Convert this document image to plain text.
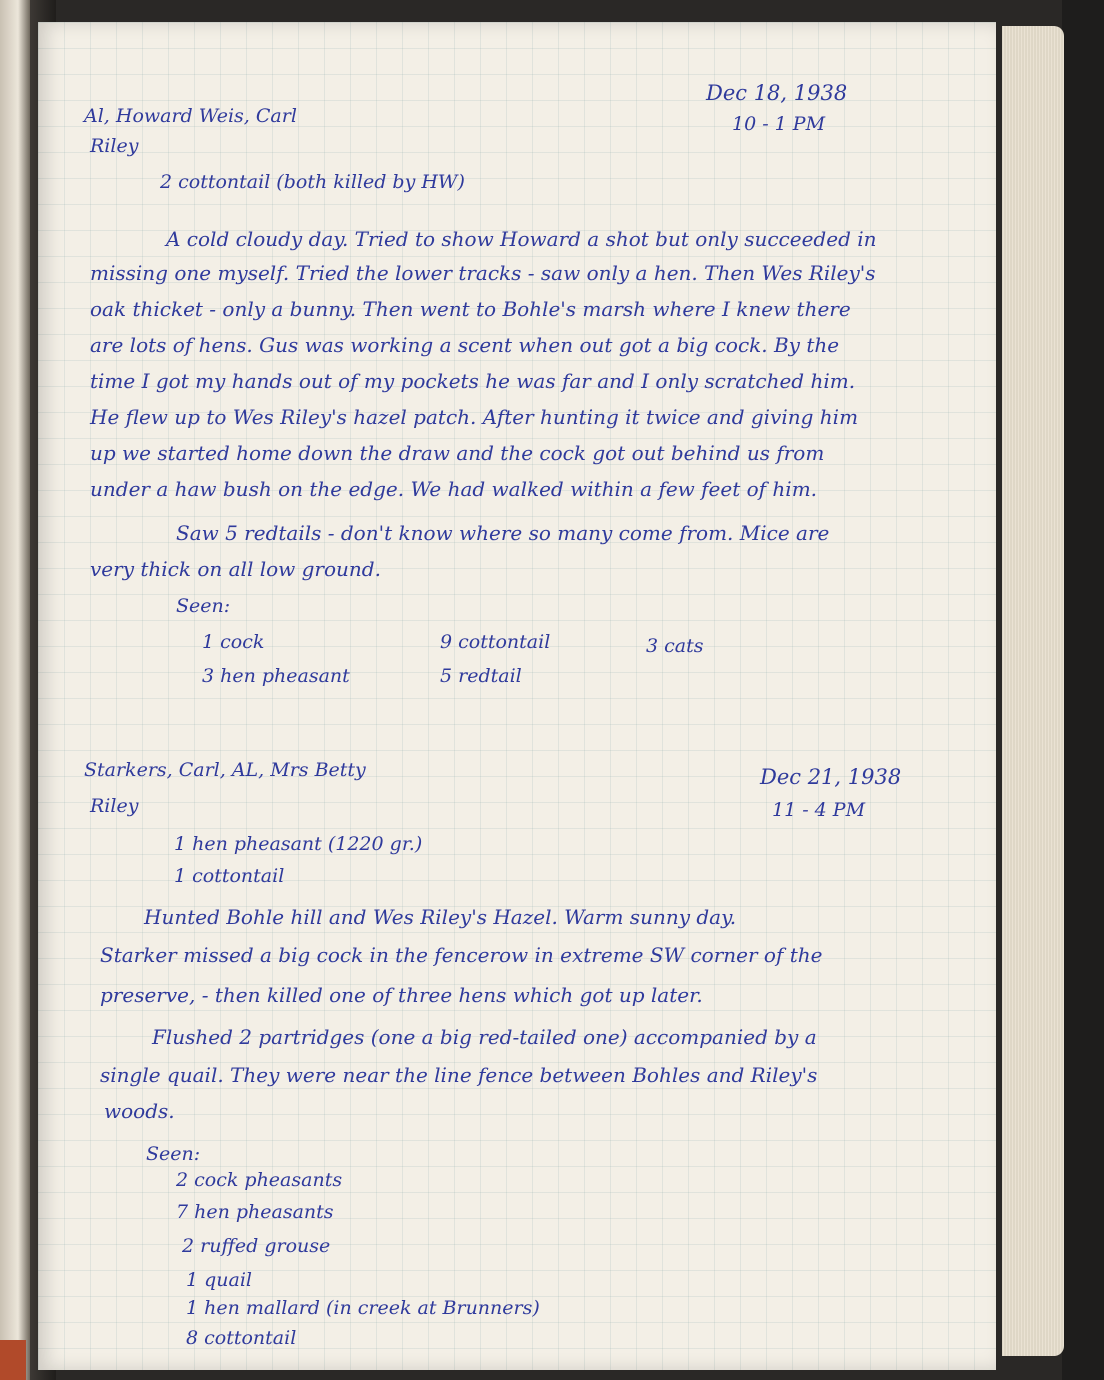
Al, Howard Weis, Carl
Riley
Dec 18, 1938
10 - 1 PM
2 cottontail (both killed by HW)
A cold cloudy day. Tried to show Howard a shot but only succeeded in
missing one myself. Tried the lower tracks - saw only a hen. Then Wes Riley's
oak thicket - only a bunny. Then went to Bohle's marsh where I knew there
are lots of hens. Gus was working a scent when out got a big cock. By the
time I got my hands out of my pockets he was far and I only scratched him.
He flew up to Wes Riley's hazel patch. After hunting it twice and giving him
up we started home down the draw and the cock got out behind us from
under a haw bush on the edge. We had walked within a few feet of him.
Saw 5 redtails - don't know where so many come from. Mice are
very thick on all low ground.
Seen:
1 cock
3 hen pheasant
9 cottontail
5 redtail
3 cats
Starkers, Carl, AL, Mrs Betty
Riley
Dec 21, 1938
11 - 4 PM
1 hen pheasant (1220 gr.)
1 cottontail
Hunted Bohle hill and Wes Riley's Hazel. Warm sunny day.
Starker missed a big cock in the fencerow in extreme SW corner of the
preserve, - then killed one of three hens which got up later.
Flushed 2 partridges (one a big red-tailed one) accompanied by a
single quail. They were near the line fence between Bohles and Riley's
woods.
Seen:
2 cock pheasants
7 hen pheasants
2 ruffed grouse
1 quail
1 hen mallard (in creek at Brunners)
8 cottontail
